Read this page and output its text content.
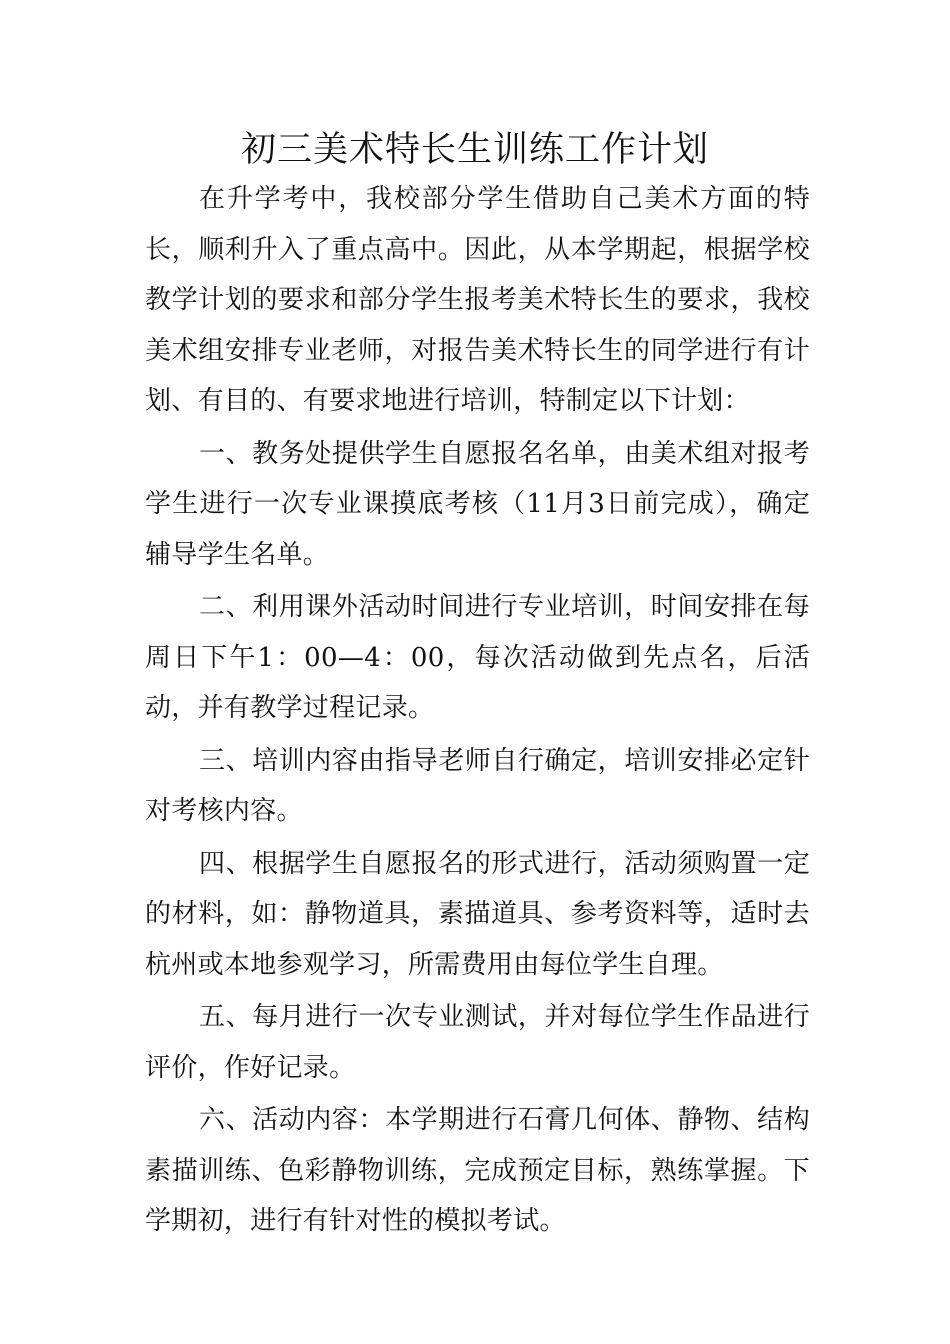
初三美术特长生训练工作计划

在升学考中，我校部分学生借助自己美术方面的特长，顺利升入了重点高中。因此，从本学期起，根据学校教学计划的要求和部分学生报考美术特长生的要求，我校美术组安排专业老师，对报告美术特长生的同学进行有计划、有目的、有要求地进行培训，特制定以下计划：

一、教务处提供学生自愿报名名单，由美术组对报考学生进行一次专业课摸底考核（11月3日前完成），确定辅导学生名单。

二、利用课外活动时间进行专业培训，时间安排在每周日下午1：00—4：00，每次活动做到先点名，后活动，并有教学过程记录。

三、培训内容由指导老师自行确定，培训安排必定针对考核内容。

四、根据学生自愿报名的形式进行，活动须购置一定的材料，如：静物道具，素描道具、参考资料等，适时去杭州或本地参观学习，所需费用由每位学生自理。

五、每月进行一次专业测试，并对每位学生作品进行评价，作好记录。

六、活动内容：本学期进行石膏几何体、静物、结构素描训练、色彩静物训练，完成预定目标，熟练掌握。下学期初，进行有针对性的模拟考试。
